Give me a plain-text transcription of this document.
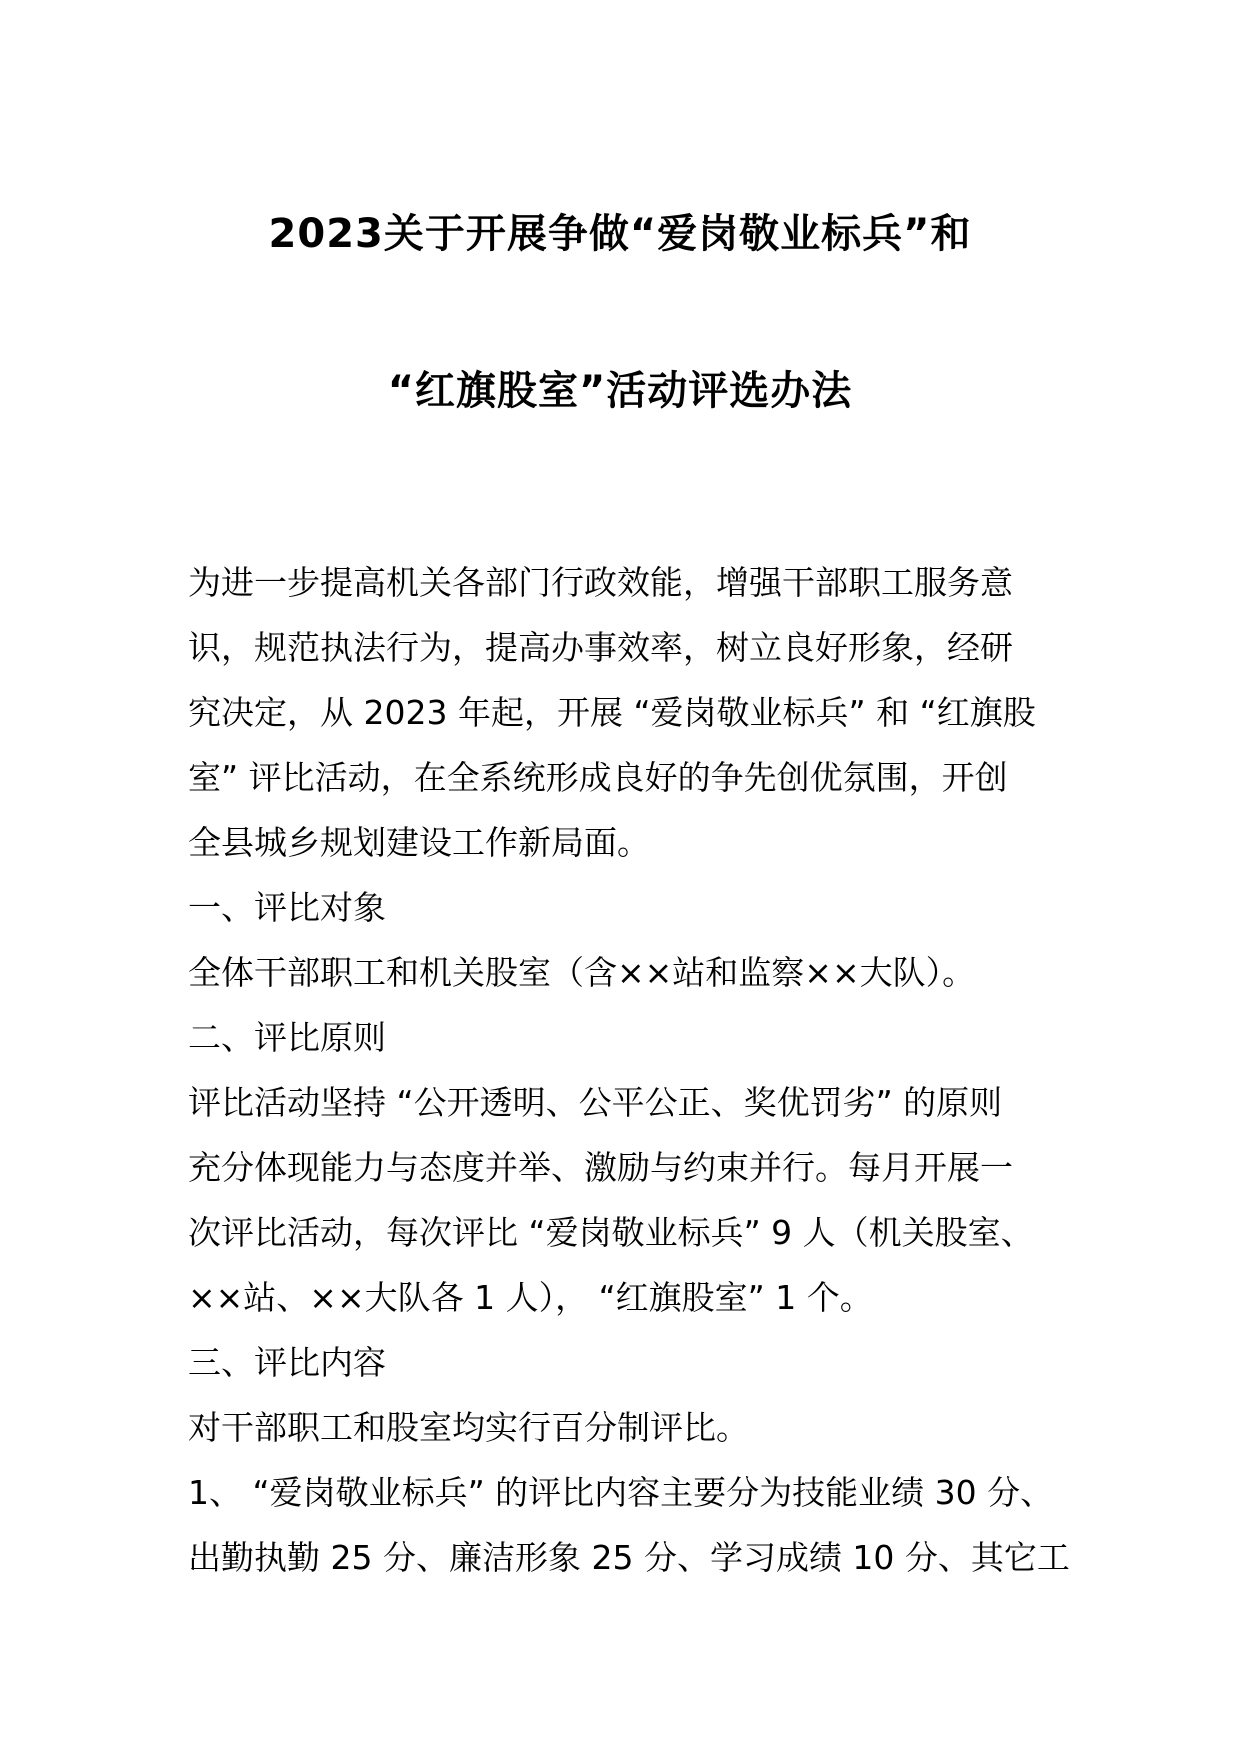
2023关于开展争做“爱岗敬业标兵”和
“红旗股室”活动评选办法
为进一步提高机关各部门行政效能，增强干部职工服务意
识，规范执法行为，提高办事效率，树立良好形象，经研
究决定，从 2023 年起，开展 “爱岗敬业标兵” 和 “红旗股
室” 评比活动，在全系统形成良好的争先创优氛围，开创
全县城乡规划建设工作新局面。
一、评比对象
全体干部职工和机关股室（含××站和监察××大队）。
二、评比原则
评比活动坚持 “公开透明、公平公正、奖优罚劣” 的原则
充分体现能力与态度并举、激励与约束并行。每月开展一
次评比活动，每次评比 “爱岗敬业标兵” 9 人（机关股室、
××站、××大队各 1 人）， “红旗股室” 1 个。
三、评比内容
对干部职工和股室均实行百分制评比。
1、 “爱岗敬业标兵” 的评比内容主要分为技能业绩 30 分、
出勤执勤 25 分、廉洁形象 25 分、学习成绩 10 分、其它工
